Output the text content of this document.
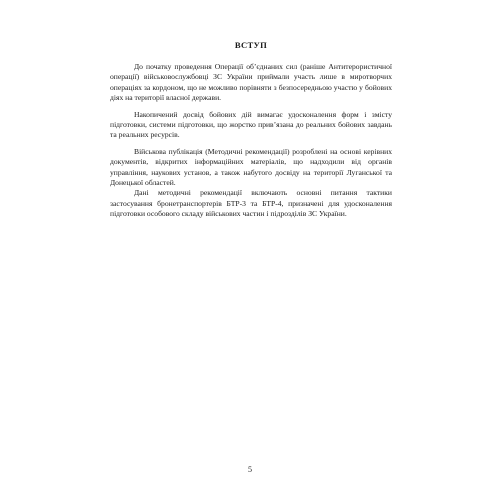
ВСТУП

До початку проведення Операції об’єднаних сил (раніше Антитерористичної операції) військовослужбовці ЗС України приймали участь лише в миротворчих операціях за кордоном, що не можливо порівняти з безпосередньою участю у бойових діях на території власної держави.

Накопичений досвід бойових дій вимагає удосконалення форм і змісту підготовки, системи підготовки, що жорстко прив’язана до реальних бойових завдань та реальних ресурсів.

Військова публікація (Методичні рекомендації) розроблені на основі керівних документів, відкритих інформаційних матеріалів, що надходили від органів управління, наукових установ, а також набутого досвіду на території Луганської та Донецької областей.

Дані методичні рекомендації включають основні питання тактики застосування бронетранспортерів БТР-3 та БТР-4, призначені для удосконалення підготовки особового складу військових частин і підрозділів ЗС України.

5
